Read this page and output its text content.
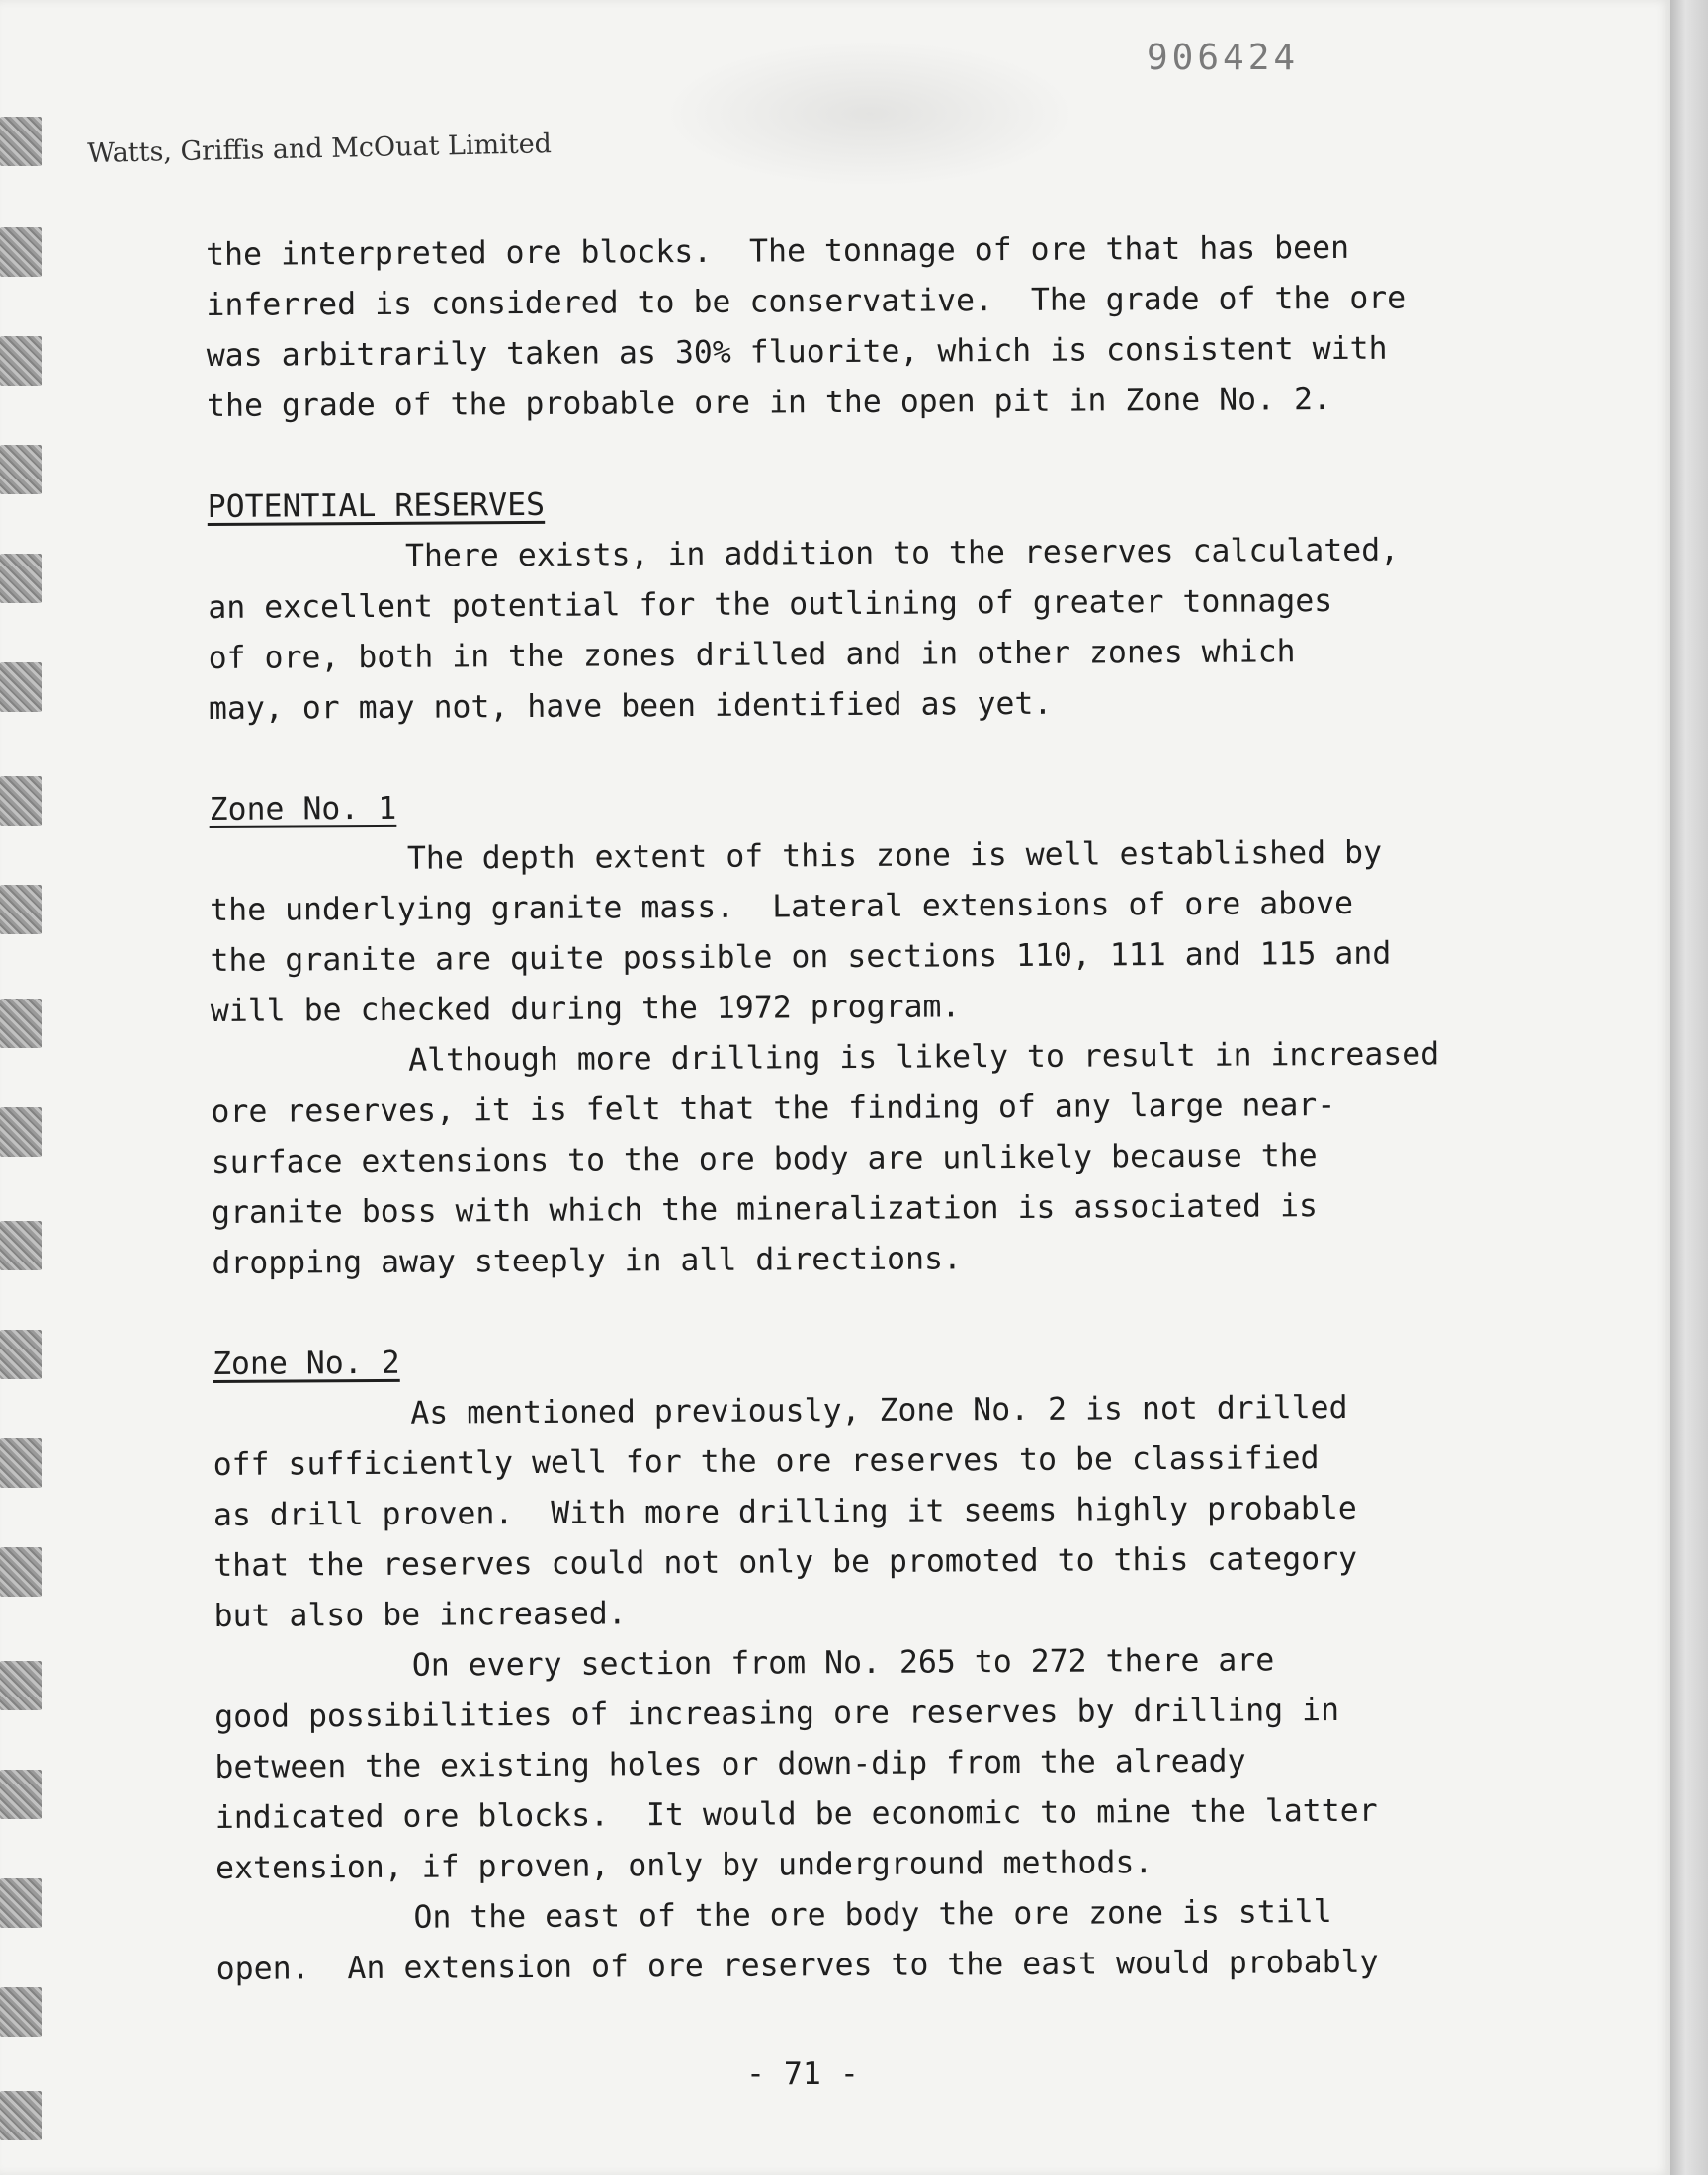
906424
Watts, Griffis and McOuat Limited

the interpreted ore blocks.  The tonnage of ore that has been

inferred is considered to be conservative.  The grade of the ore

was arbitrarily taken as 30% fluorite, which is consistent with

the grade of the probable ore in the open pit in Zone No. 2.

POTENTIAL RESERVES

There exists, in addition to the reserves calculated,
an excellent potential for the outlining of greater tonnages
of ore, both in the zones drilled and in other zones which
may, or may not, have been identified as yet.

Zone No. 1

The depth extent of this zone is well established by
the underlying granite mass.  Lateral extensions of ore above
the granite are quite possible on sections 110, 111 and 115 and
will be checked during the 1972 program.

Although more drilling is likely to result in increased
ore reserves, it is felt that the finding of any large near-
surface extensions to the ore body are unlikely because the
granite boss with which the mineralization is associated is
dropping away steeply in all directions.

Zone No. 2

As mentioned previously, Zone No. 2 is not drilled
off sufficiently well for the ore reserves to be classified
as drill proven.  With more drilling it seems highly probable
that the reserves could not only be promoted to this category
but also be increased.

On every section from No. 265 to 272 there are
good possibilities of increasing ore reserves by drilling in
between the existing holes or down-dip from the already
indicated ore blocks.  It would be economic to mine the latter
extension, if proven, only by underground methods.

On the east of the ore body the ore zone is still
open.  An extension of ore reserves to the east would probably

- 71 -
